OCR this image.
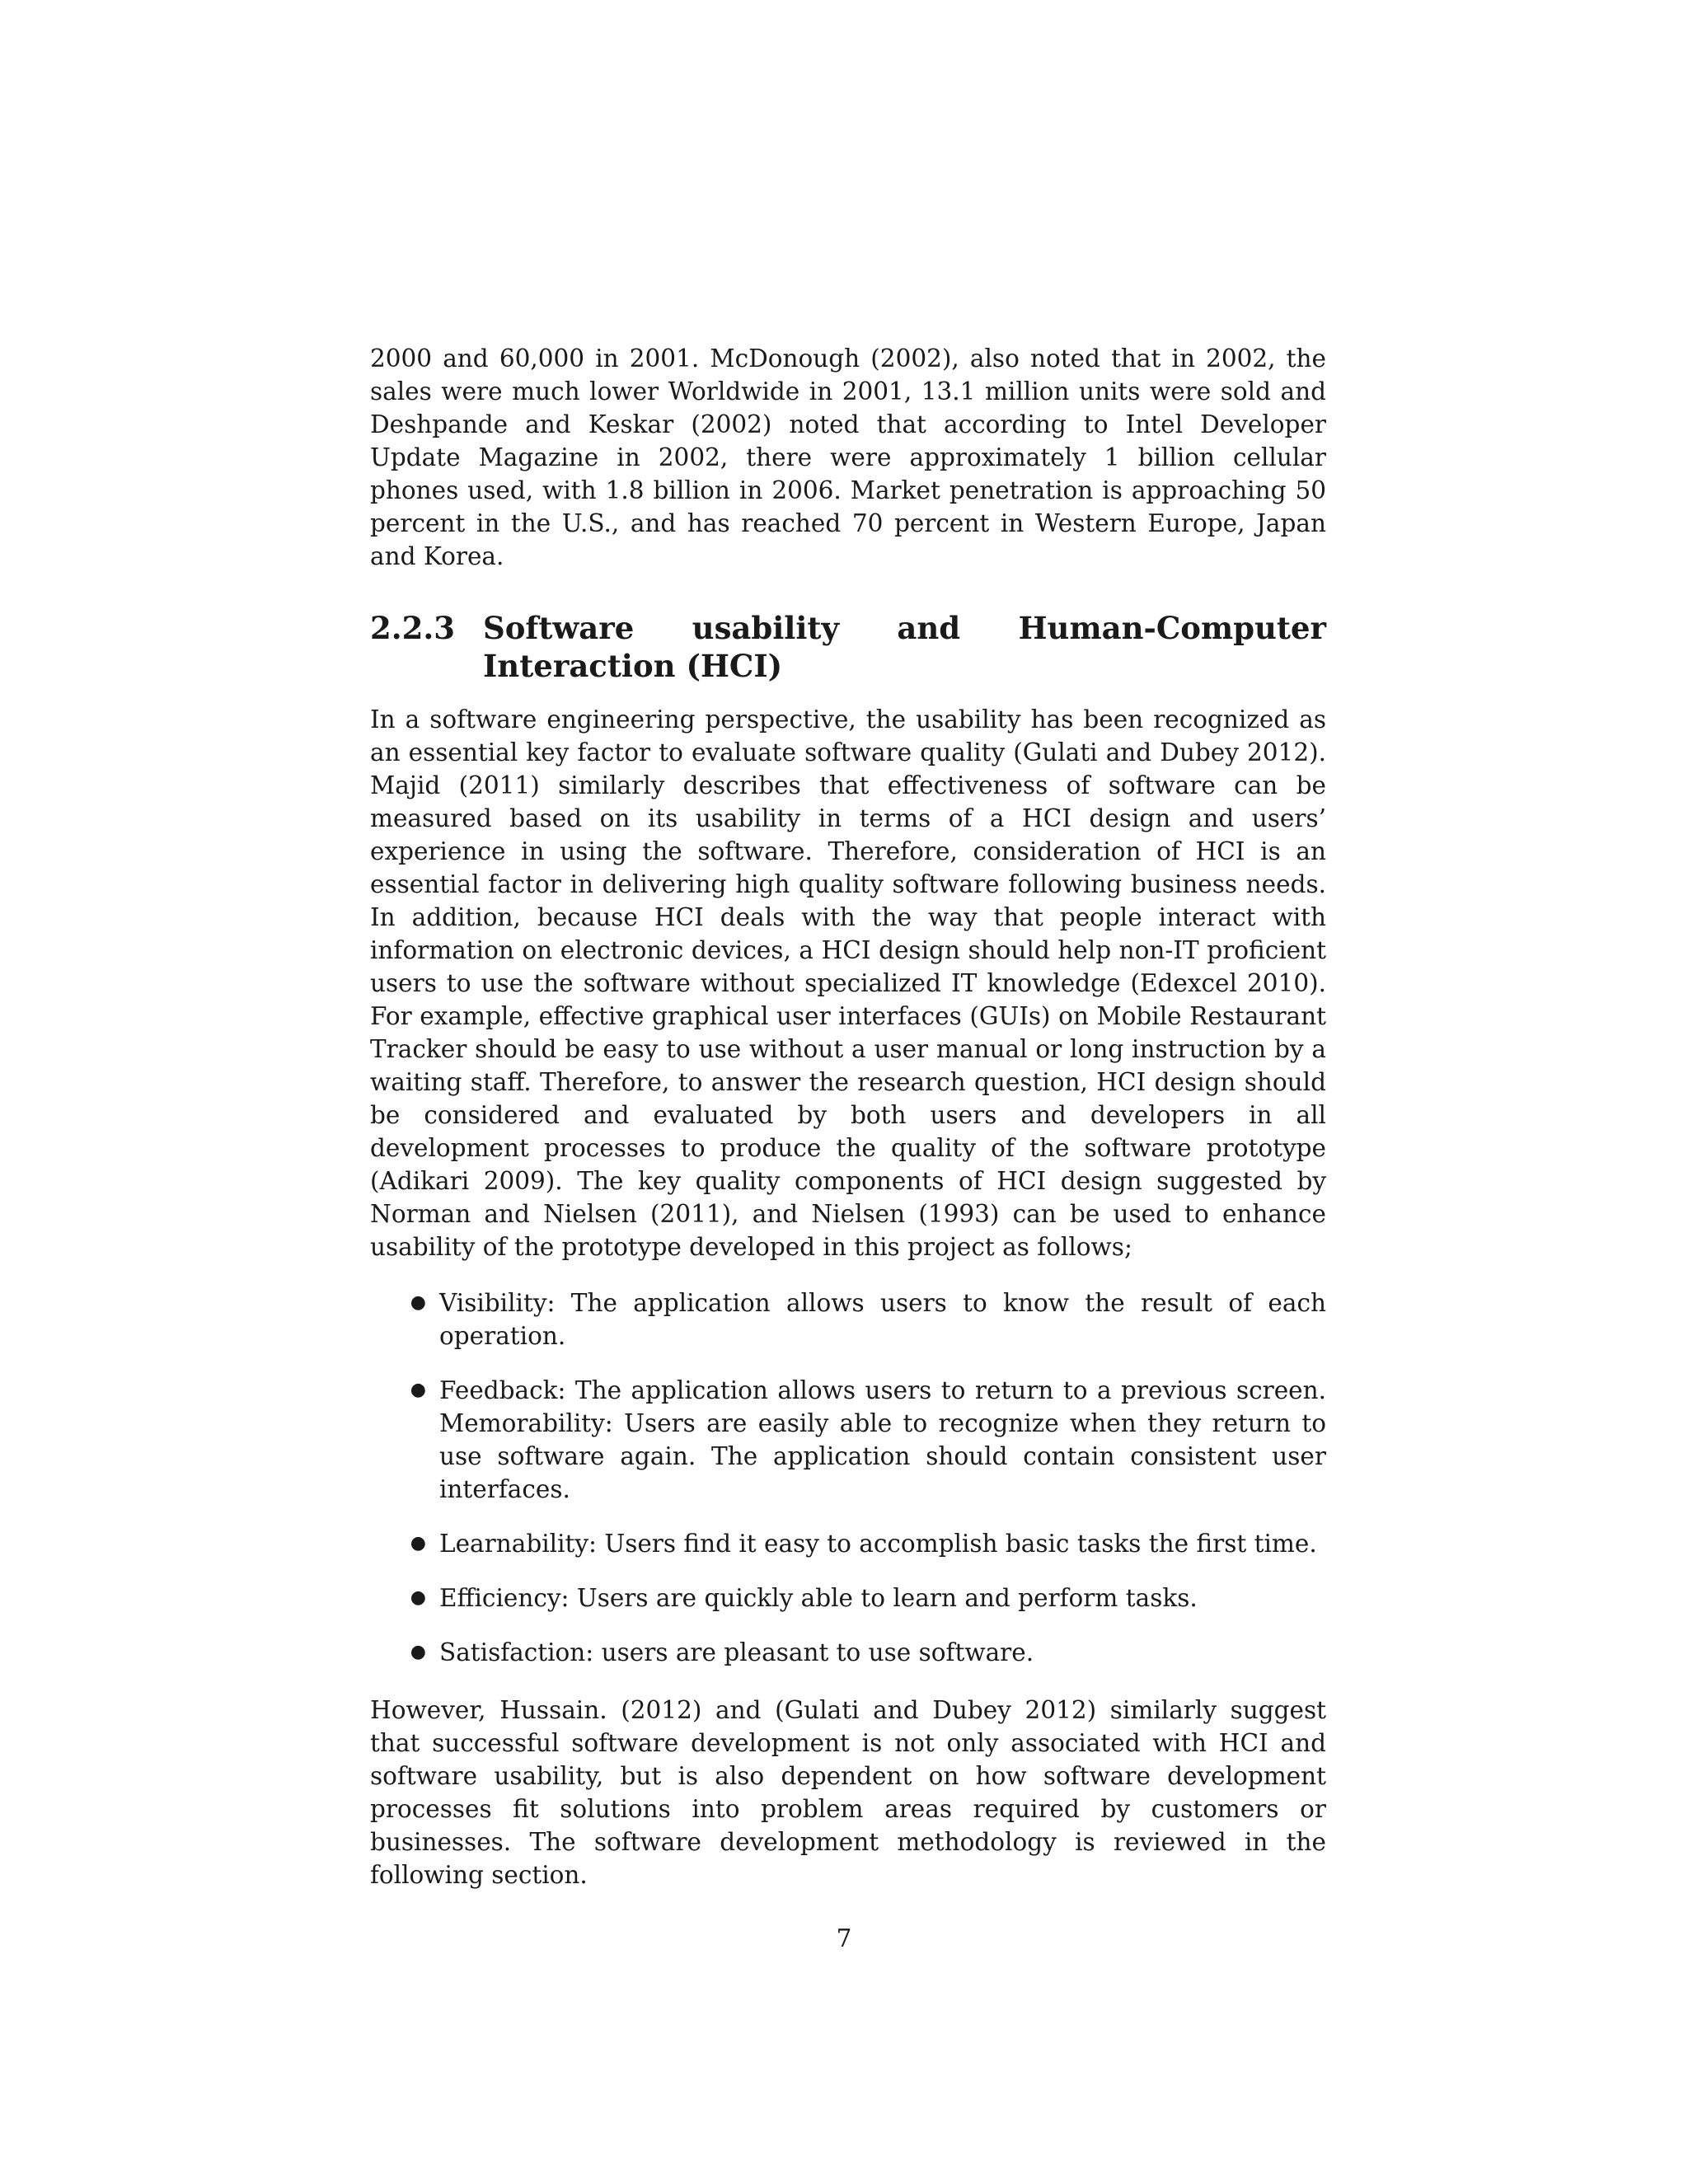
2000 and 60,000 in 2001. McDonough (2002), also noted that in 2002, the sales were much lower Worldwide in 2001, 13.1 million units were sold and Deshpande and Keskar (2002) noted that according to Intel Developer Update Magazine in 2002, there were approximately 1 billion cellular phones used, with 1.8 billion in 2006. Market penetration is approaching 50 percent in the U.S., and has reached 70 percent in Western Europe, Japan and Korea.

2.2.3 Software usability and Human-Computer Interaction (HCI)

In a software engineering perspective, the usability has been recognized as an essential key factor to evaluate software quality (Gulati and Dubey 2012). Majid (2011) similarly describes that effectiveness of software can be measured based on its usability in terms of a HCI design and users’ experience in using the software. Therefore, consideration of HCI is an essential factor in delivering high quality software following business needs. In addition, because HCI deals with the way that people interact with information on electronic devices, a HCI design should help non-IT proficient users to use the software without specialized IT knowledge (Edexcel 2010). For example, effective graphical user interfaces (GUIs) on Mobile Restaurant Tracker should be easy to use without a user manual or long instruction by a waiting staff. Therefore, to answer the research question, HCI design should be considered and evaluated by both users and developers in all development processes to produce the quality of the software prototype (Adikari 2009). The key quality components of HCI design suggested by Norman and Nielsen (2011), and Nielsen (1993) can be used to enhance usability of the prototype developed in this project as follows;

● Visibility: The application allows users to know the result of each operation.
● Feedback: The application allows users to return to a previous screen. Memorability: Users are easily able to recognize when they return to use software again. The application should contain consistent user interfaces.
● Learnability: Users find it easy to accomplish basic tasks the first time.
● Efficiency: Users are quickly able to learn and perform tasks.
● Satisfaction: users are pleasant to use software.

However, Hussain. (2012) and (Gulati and Dubey 2012) similarly suggest that successful software development is not only associated with HCI and software usability, but is also dependent on how software development processes fit solutions into problem areas required by customers or businesses. The software development methodology is reviewed in the following section.

7
